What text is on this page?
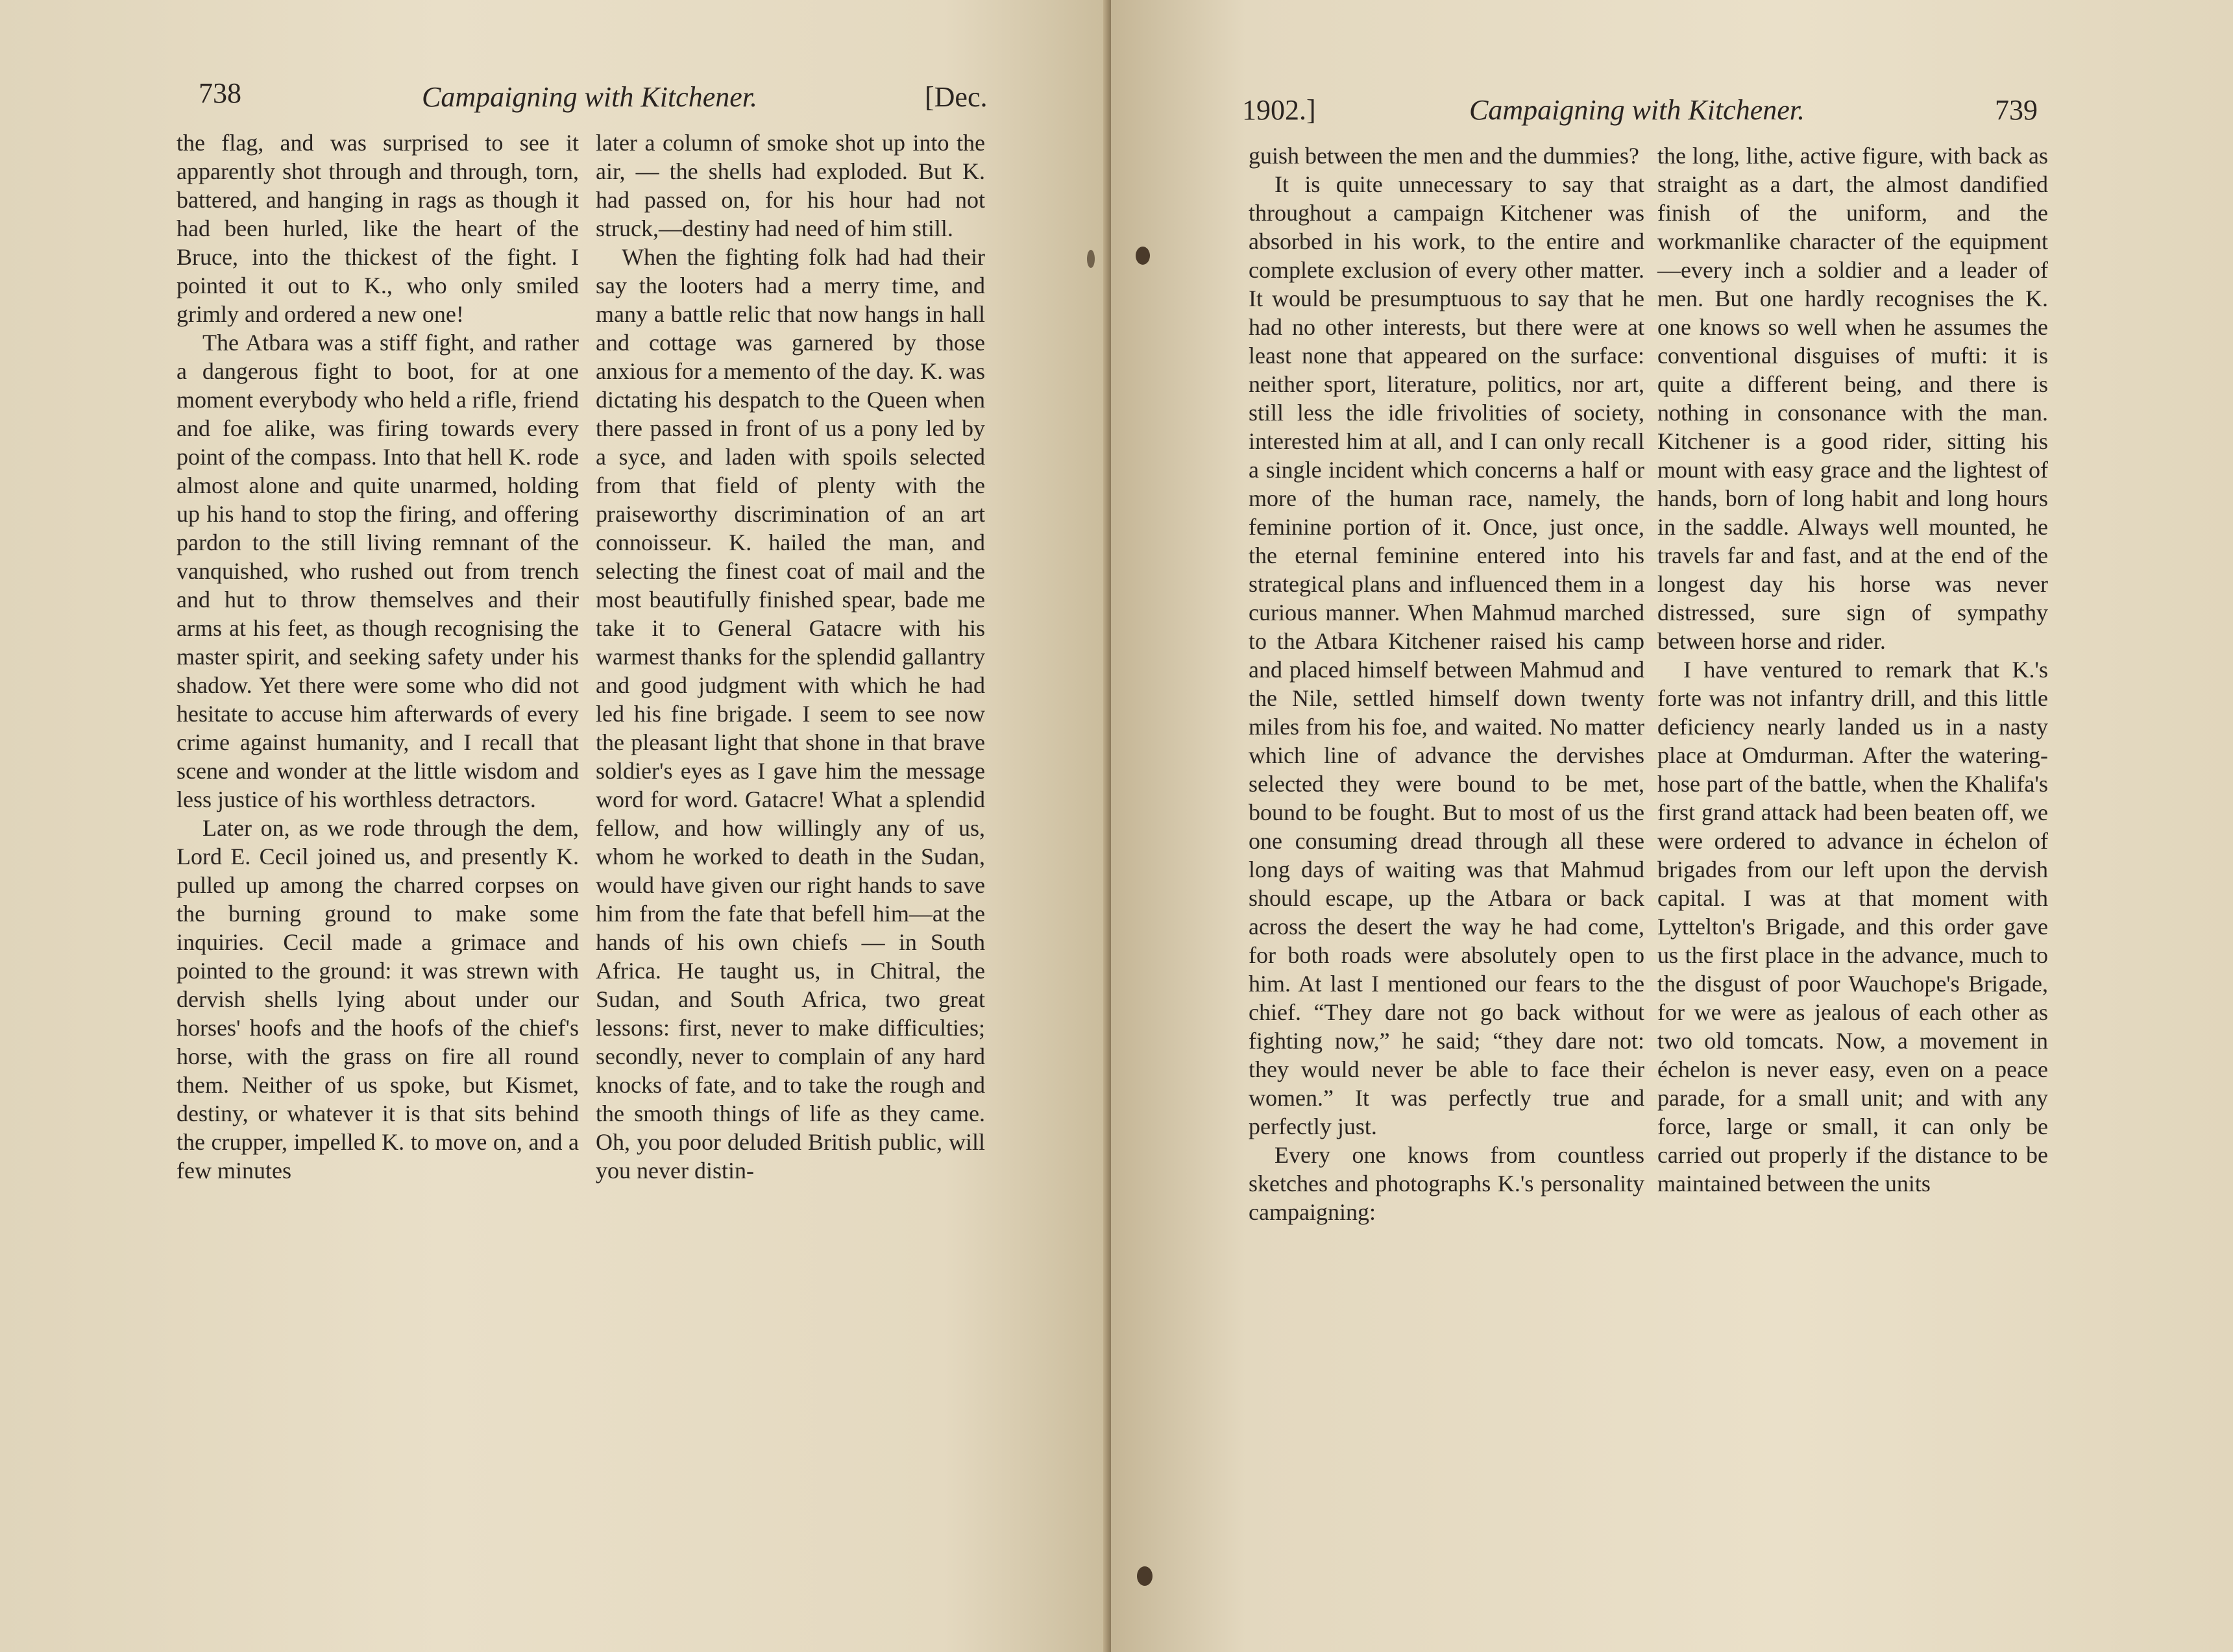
738	Campaigning with Kitchener.	[Dec.

the flag, and was surprised to see it apparently shot through and through, torn, battered, and hanging in rags as though it had been hurled, like the heart of the Bruce, into the thickest of the fight. I pointed it out to K., who only smiled grimly and ordered a new one!

The Atbara was a stiff fight, and rather a dangerous fight to boot, for at one moment everybody who held a rifle, friend and foe alike, was firing towards every point of the compass. Into that hell K. rode almost alone and quite unarmed, holding up his hand to stop the firing, and offering pardon to the still living remnant of the vanquished, who rushed out from trench and hut to throw themselves and their arms at his feet, as though recognising the master spirit, and seeking safety under his shadow. Yet there were some who did not hesitate to accuse him afterwards of every crime against humanity, and I recall that scene and wonder at the little wisdom and less justice of his worthless detractors.

Later on, as we rode through the dem, Lord E. Cecil joined us, and presently K. pulled up among the charred corpses on the burning ground to make some inquiries. Cecil made a grimace and pointed to the ground: it was strewn with dervish shells lying about under our horses' hoofs and the hoofs of the chief's horse, with the grass on fire all round them. Neither of us spoke, but Kismet, destiny, or whatever it is that sits behind the crupper, impelled K. to move on, and a few minutes

later a column of smoke shot up into the air, — the shells had exploded. But K. had passed on, for his hour had not struck,—destiny had need of him still.

When the fighting folk had had their say the looters had a merry time, and many a battle relic that now hangs in hall and cottage was garnered by those anxious for a memento of the day. K. was dictating his despatch to the Queen when there passed in front of us a pony led by a syce, and laden with spoils selected from that field of plenty with the praiseworthy discrimination of an art connoisseur. K. hailed the man, and selecting the finest coat of mail and the most beautifully finished spear, bade me take it to General Gatacre with his warmest thanks for the splendid gallantry and good judgment with which he had led his fine brigade. I seem to see now the pleasant light that shone in that brave soldier's eyes as I gave him the message word for word. Gatacre! What a splendid fellow, and how willingly any of us, whom he worked to death in the Sudan, would have given our right hands to save him from the fate that befell him—at the hands of his own chiefs — in South Africa. He taught us, in Chitral, the Sudan, and South Africa, two great lessons: first, never to make difficulties; secondly, never to complain of any hard knocks of fate, and to take the rough and the smooth things of life as they came. Oh, you poor deluded British public, will you never distin-

1902.]	Campaigning with Kitchener.	739

guish between the men and the dummies?

It is quite unnecessary to say that throughout a campaign Kitchener was absorbed in his work, to the entire and complete exclusion of every other matter. It would be presumptuous to say that he had no other interests, but there were at least none that appeared on the surface: neither sport, literature, politics, nor art, still less the idle frivolities of society, interested him at all, and I can only recall a single incident which concerns a half or more of the human race, namely, the feminine portion of it. Once, just once, the eternal feminine entered into his strategical plans and influenced them in a curious manner. When Mahmud marched to the Atbara Kitchener raised his camp and placed himself between Mahmud and the Nile, settled himself down twenty miles from his foe, and waited. No matter which line of advance the dervishes selected they were bound to be met, bound to be fought. But to most of us the one consuming dread through all these long days of waiting was that Mahmud should escape, up the Atbara or back across the desert the way he had come, for both roads were absolutely open to him. At last I mentioned our fears to the chief. “They dare not go back without fighting now,” he said; “they dare not: they would never be able to face their women.” It was perfectly true and perfectly just.

Every one knows from countless sketches and photographs K.'s personality campaigning:

the long, lithe, active figure, with back as straight as a dart, the almost dandified finish of the uniform, and the workmanlike character of the equipment—every inch a soldier and a leader of men. But one hardly recognises the K. one knows so well when he assumes the conventional disguises of mufti: it is quite a different being, and there is nothing in consonance with the man. Kitchener is a good rider, sitting his mount with easy grace and the lightest of hands, born of long habit and long hours in the saddle. Always well mounted, he travels far and fast, and at the end of the longest day his horse was never distressed, sure sign of sympathy between horse and rider.

I have ventured to remark that K.'s forte was not infantry drill, and this little deficiency nearly landed us in a nasty place at Omdurman. After the watering-hose part of the battle, when the Khalifa's first grand attack had been beaten off, we were ordered to advance in échelon of brigades from our left upon the dervish capital. I was at that moment with Lyttelton's Brigade, and this order gave us the first place in the advance, much to the disgust of poor Wauchope's Brigade, for we were as jealous of each other as two old tomcats. Now, a movement in échelon is never easy, even on a peace parade, for a small unit; and with any force, large or small, it can only be carried out properly if the distance to be maintained between the units
